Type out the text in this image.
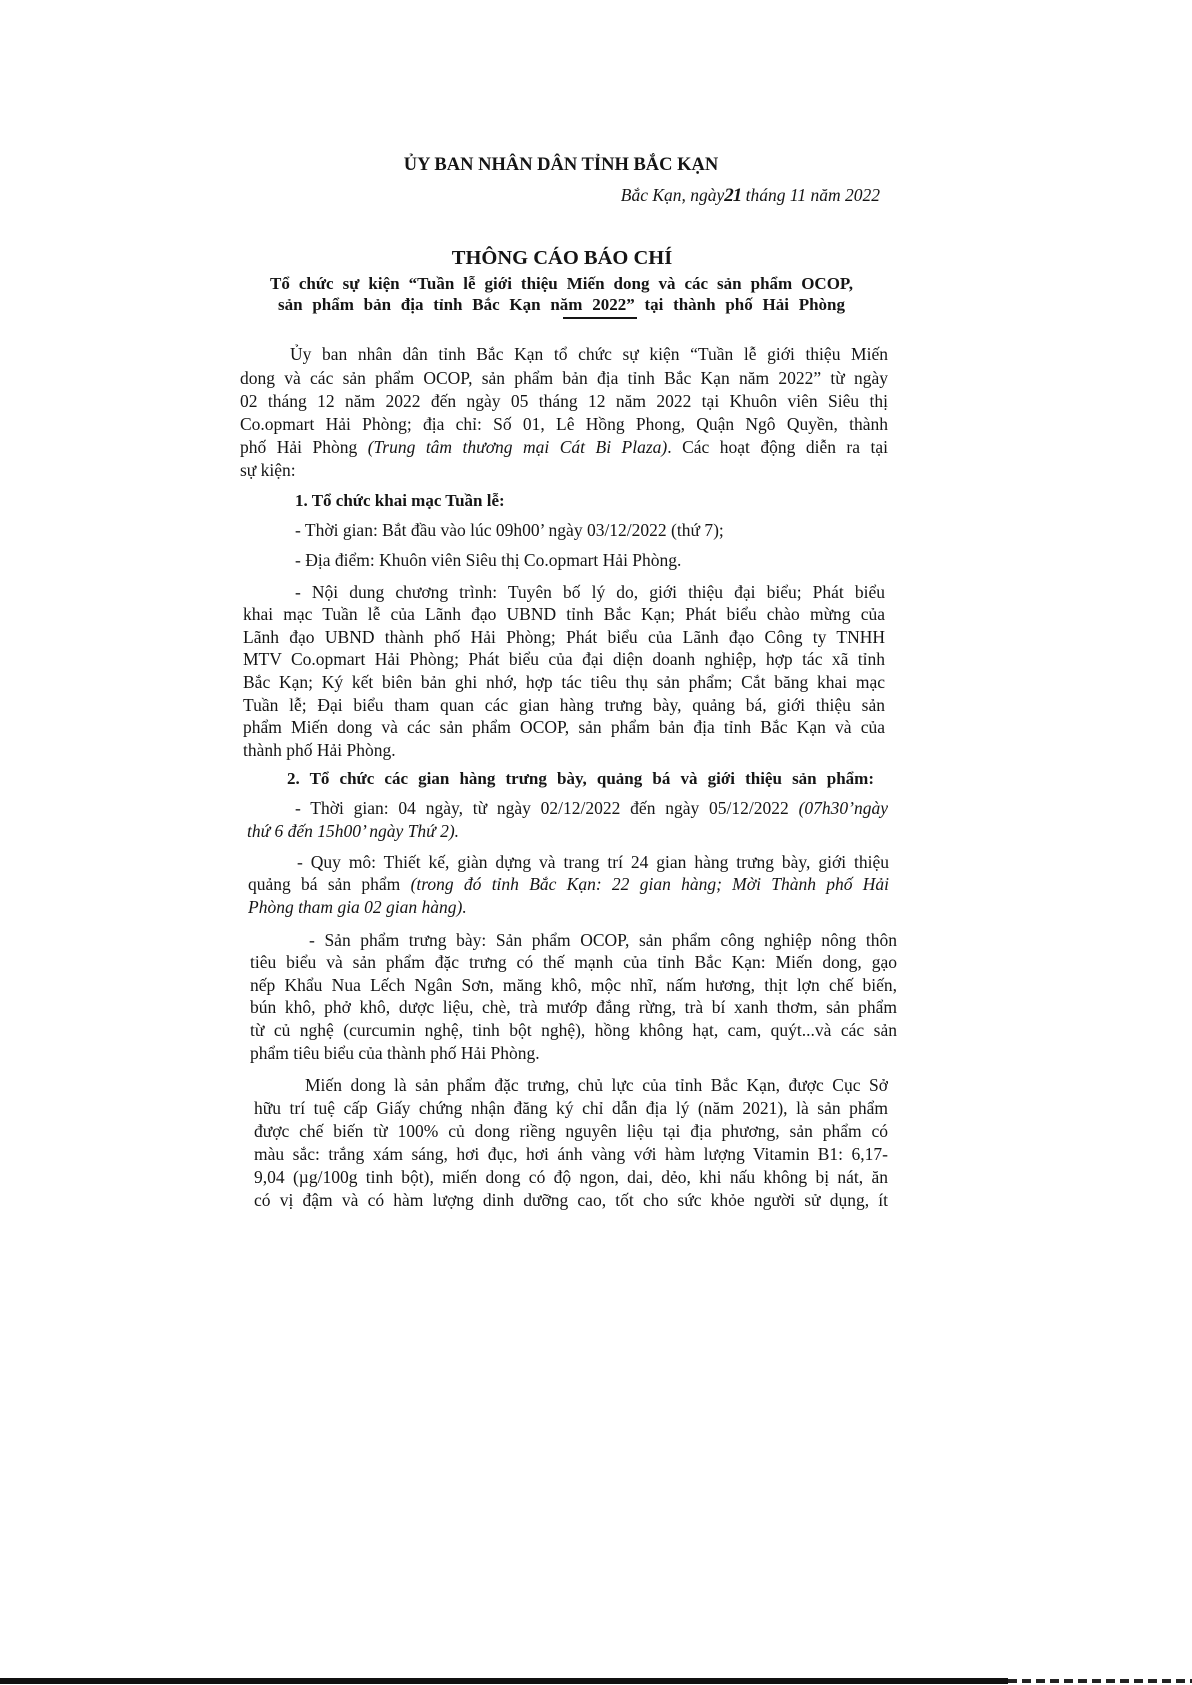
ỦY BAN NHÂN DÂN TỈNH BẮC KẠN
Bắc Kạn, ngày21 tháng 11 năm 2022
THÔNG CÁO BÁO CHÍ
Tổ chức sự kiện “Tuần lễ giới thiệu Miến dong và các sản phẩm OCOP,
sản phẩm bản địa tỉnh Bắc Kạn năm 2022” tại thành phố Hải Phòng
Ủy ban nhân dân tỉnh Bắc Kạn tổ chức sự kiện “Tuần lễ giới thiệu Miến
dong và các sản phẩm OCOP, sản phẩm bản địa tỉnh Bắc Kạn năm 2022” từ ngày
02 tháng 12 năm 2022 đến ngày 05 tháng 12 năm 2022 tại Khuôn viên Siêu thị
Co.opmart Hải Phòng; địa chỉ: Số 01, Lê Hồng Phong, Quận Ngô Quyền, thành
phố Hải Phòng (Trung tâm thương mại Cát Bi Plaza). Các hoạt động diễn ra tại
sự kiện:
1. Tổ chức khai mạc Tuần lễ:
- Thời gian: Bắt đầu vào lúc 09h00’ ngày 03/12/2022 (thứ 7);
- Địa điểm: Khuôn viên Siêu thị Co.opmart Hải Phòng.
- Nội dung chương trình: Tuyên bố lý do, giới thiệu đại biểu; Phát biểu
khai mạc Tuần lễ của Lãnh đạo UBND tỉnh Bắc Kạn; Phát biểu chào mừng của
Lãnh đạo UBND thành phố Hải Phòng; Phát biểu của Lãnh đạo Công ty TNHH
MTV Co.opmart Hải Phòng; Phát biểu của đại diện doanh nghiệp, hợp tác xã tỉnh
Bắc Kạn; Ký kết biên bản ghi nhớ, hợp tác tiêu thụ sản phẩm; Cắt băng khai mạc
Tuần lễ; Đại biểu tham quan các gian hàng trưng bày, quảng bá, giới thiệu sản
phẩm Miến dong và các sản phẩm OCOP, sản phẩm bản địa tỉnh Bắc Kạn và của
thành phố Hải Phòng.
2. Tổ chức các gian hàng trưng bày, quảng bá và giới thiệu sản phẩm:
- Thời gian: 04 ngày, từ ngày 02/12/2022 đến ngày 05/12/2022 (07h30’ngày
thứ 6 đến 15h00’ ngày Thứ 2).
- Quy mô: Thiết kế, giàn dựng và trang trí 24 gian hàng trưng bày, giới thiệu
quảng bá sản phẩm (trong đó tỉnh Bắc Kạn: 22 gian hàng; Mời Thành phố Hải
Phòng tham gia 02 gian hàng).
- Sản phẩm trưng bày: Sản phẩm OCOP, sản phẩm công nghiệp nông thôn
tiêu biểu và sản phẩm đặc trưng có thế mạnh của tỉnh Bắc Kạn: Miến dong, gạo
nếp Khẩu Nua Lếch Ngân Sơn, măng khô, mộc nhĩ, nấm hương, thịt lợn chế biến,
bún khô, phở khô, dược liệu, chè, trà mướp đắng rừng, trà bí xanh thơm, sản phẩm
từ củ nghệ (curcumin nghệ, tinh bột nghệ), hồng không hạt, cam, quýt...và các sản
phẩm tiêu biểu của thành phố Hải Phòng.
Miến dong là sản phẩm đặc trưng, chủ lực của tỉnh Bắc Kạn, được Cục Sở
hữu trí tuệ cấp Giấy chứng nhận đăng ký chỉ dẫn địa lý (năm 2021), là sản phẩm
được chế biến từ 100% củ dong riềng nguyên liệu tại địa phương, sản phẩm có
màu sắc: trắng xám sáng, hơi đục, hơi ánh vàng với hàm lượng Vitamin B1: 6,17-
9,04 (µg/100g tinh bột), miến dong có độ ngon, dai, dẻo, khi nấu không bị nát, ăn
có vị đậm và có hàm lượng dinh dưỡng cao, tốt cho sức khỏe người sử dụng, ít
